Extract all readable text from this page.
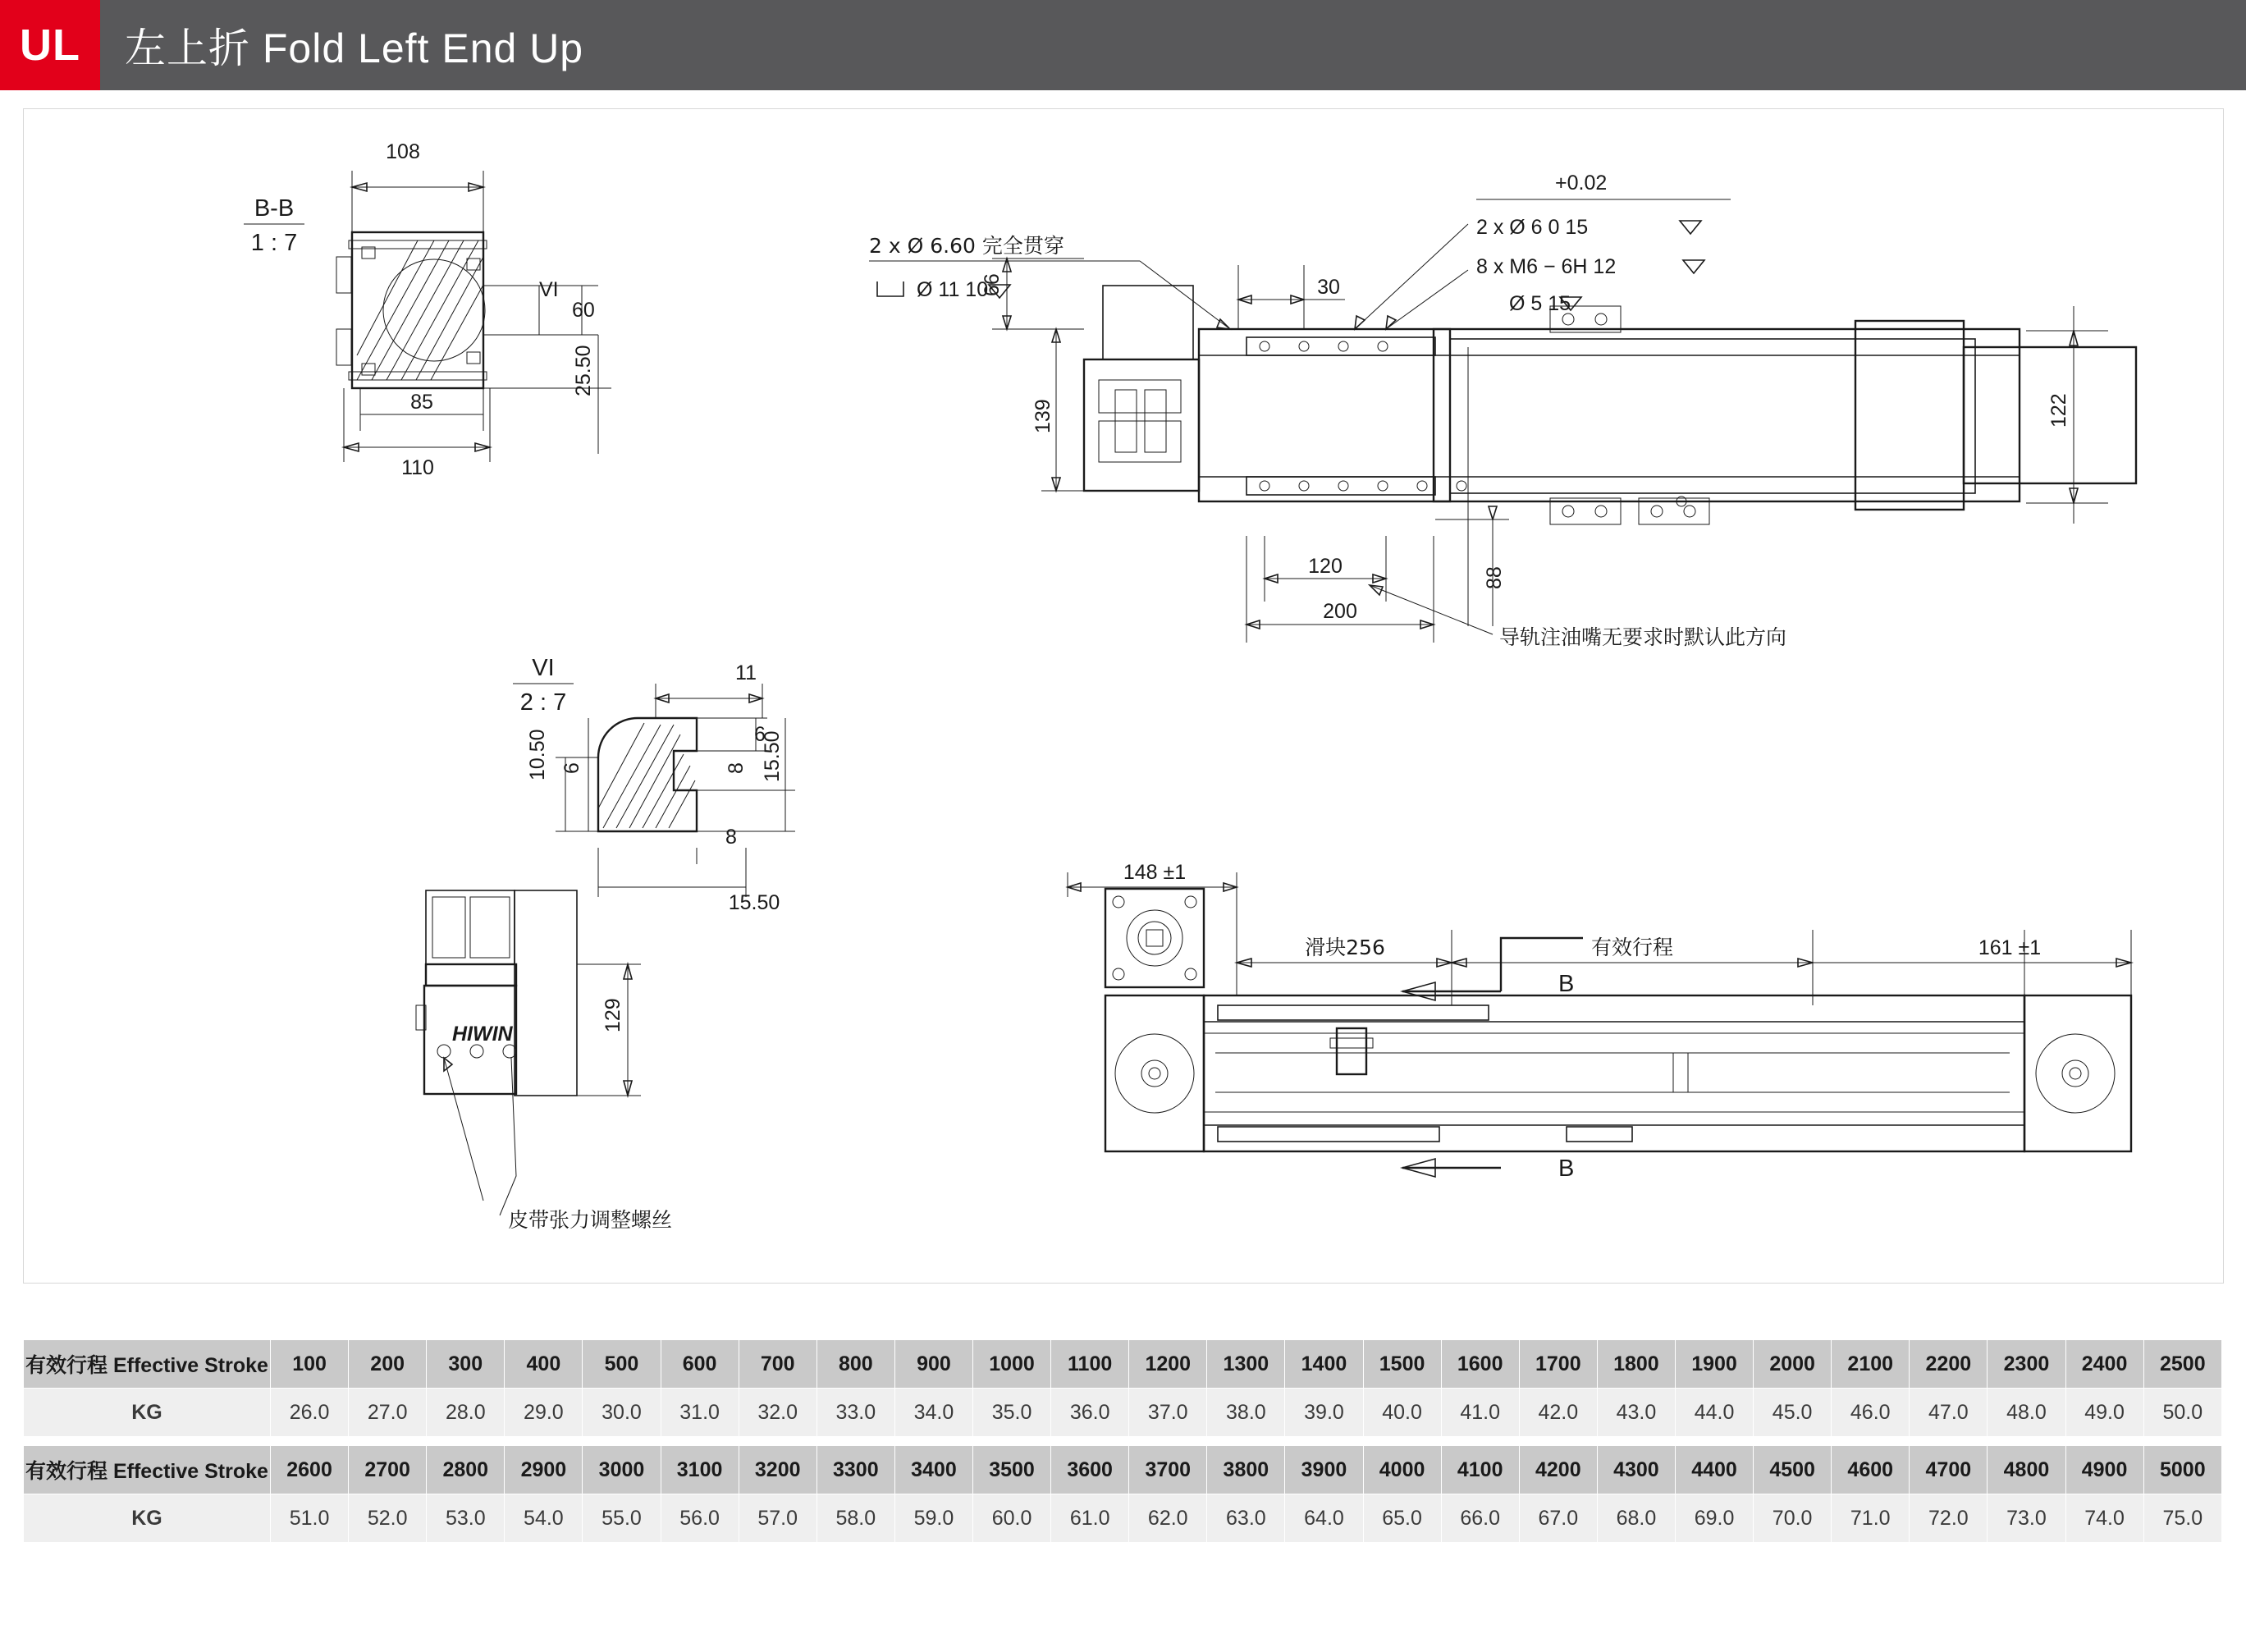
UL	左上折 Fold Left End Up
108
85
110
60
25.50
VI
B-B
1 : 7
VI
2 : 7
11
6
15.50
8
6
10.50
8
15.50
HIWIN
129
皮带张力调整螺丝
66
139
30
120
200
88
122
2 x Ø 6.60 完全贯穿
Ø 11 10
+0.02
2 x Ø 6 0 15
8 x M6 − 6H 12
Ø 5 15
导轨注油嘴无要求时默认此方向
B
B
148 ±1
滑块256	有效行程	161 ±1
有效行程 Effective Stroke	100	200	300	400	500	600	700	800	900	1000	1100	1200	1300	1400	1500	1600	1700	1800	1900	2000	2100	2200	2300	2400	2500
KG	26.0	27.0	28.0	29.0	30.0	31.0	32.0	33.0	34.0	35.0	36.0	37.0	38.0	39.0	40.0	41.0	42.0	43.0	44.0	45.0	46.0	47.0	48.0	49.0	50.0
有效行程 Effective Stroke	2600	2700	2800	2900	3000	3100	3200	3300	3400	3500	3600	3700	3800	3900	4000	4100	4200	4300	4400	4500	4600	4700	4800	4900	5000
KG	51.0	52.0	53.0	54.0	55.0	56.0	57.0	58.0	59.0	60.0	61.0	62.0	63.0	64.0	65.0	66.0	67.0	68.0	69.0	70.0	71.0	72.0	73.0	74.0	75.0
